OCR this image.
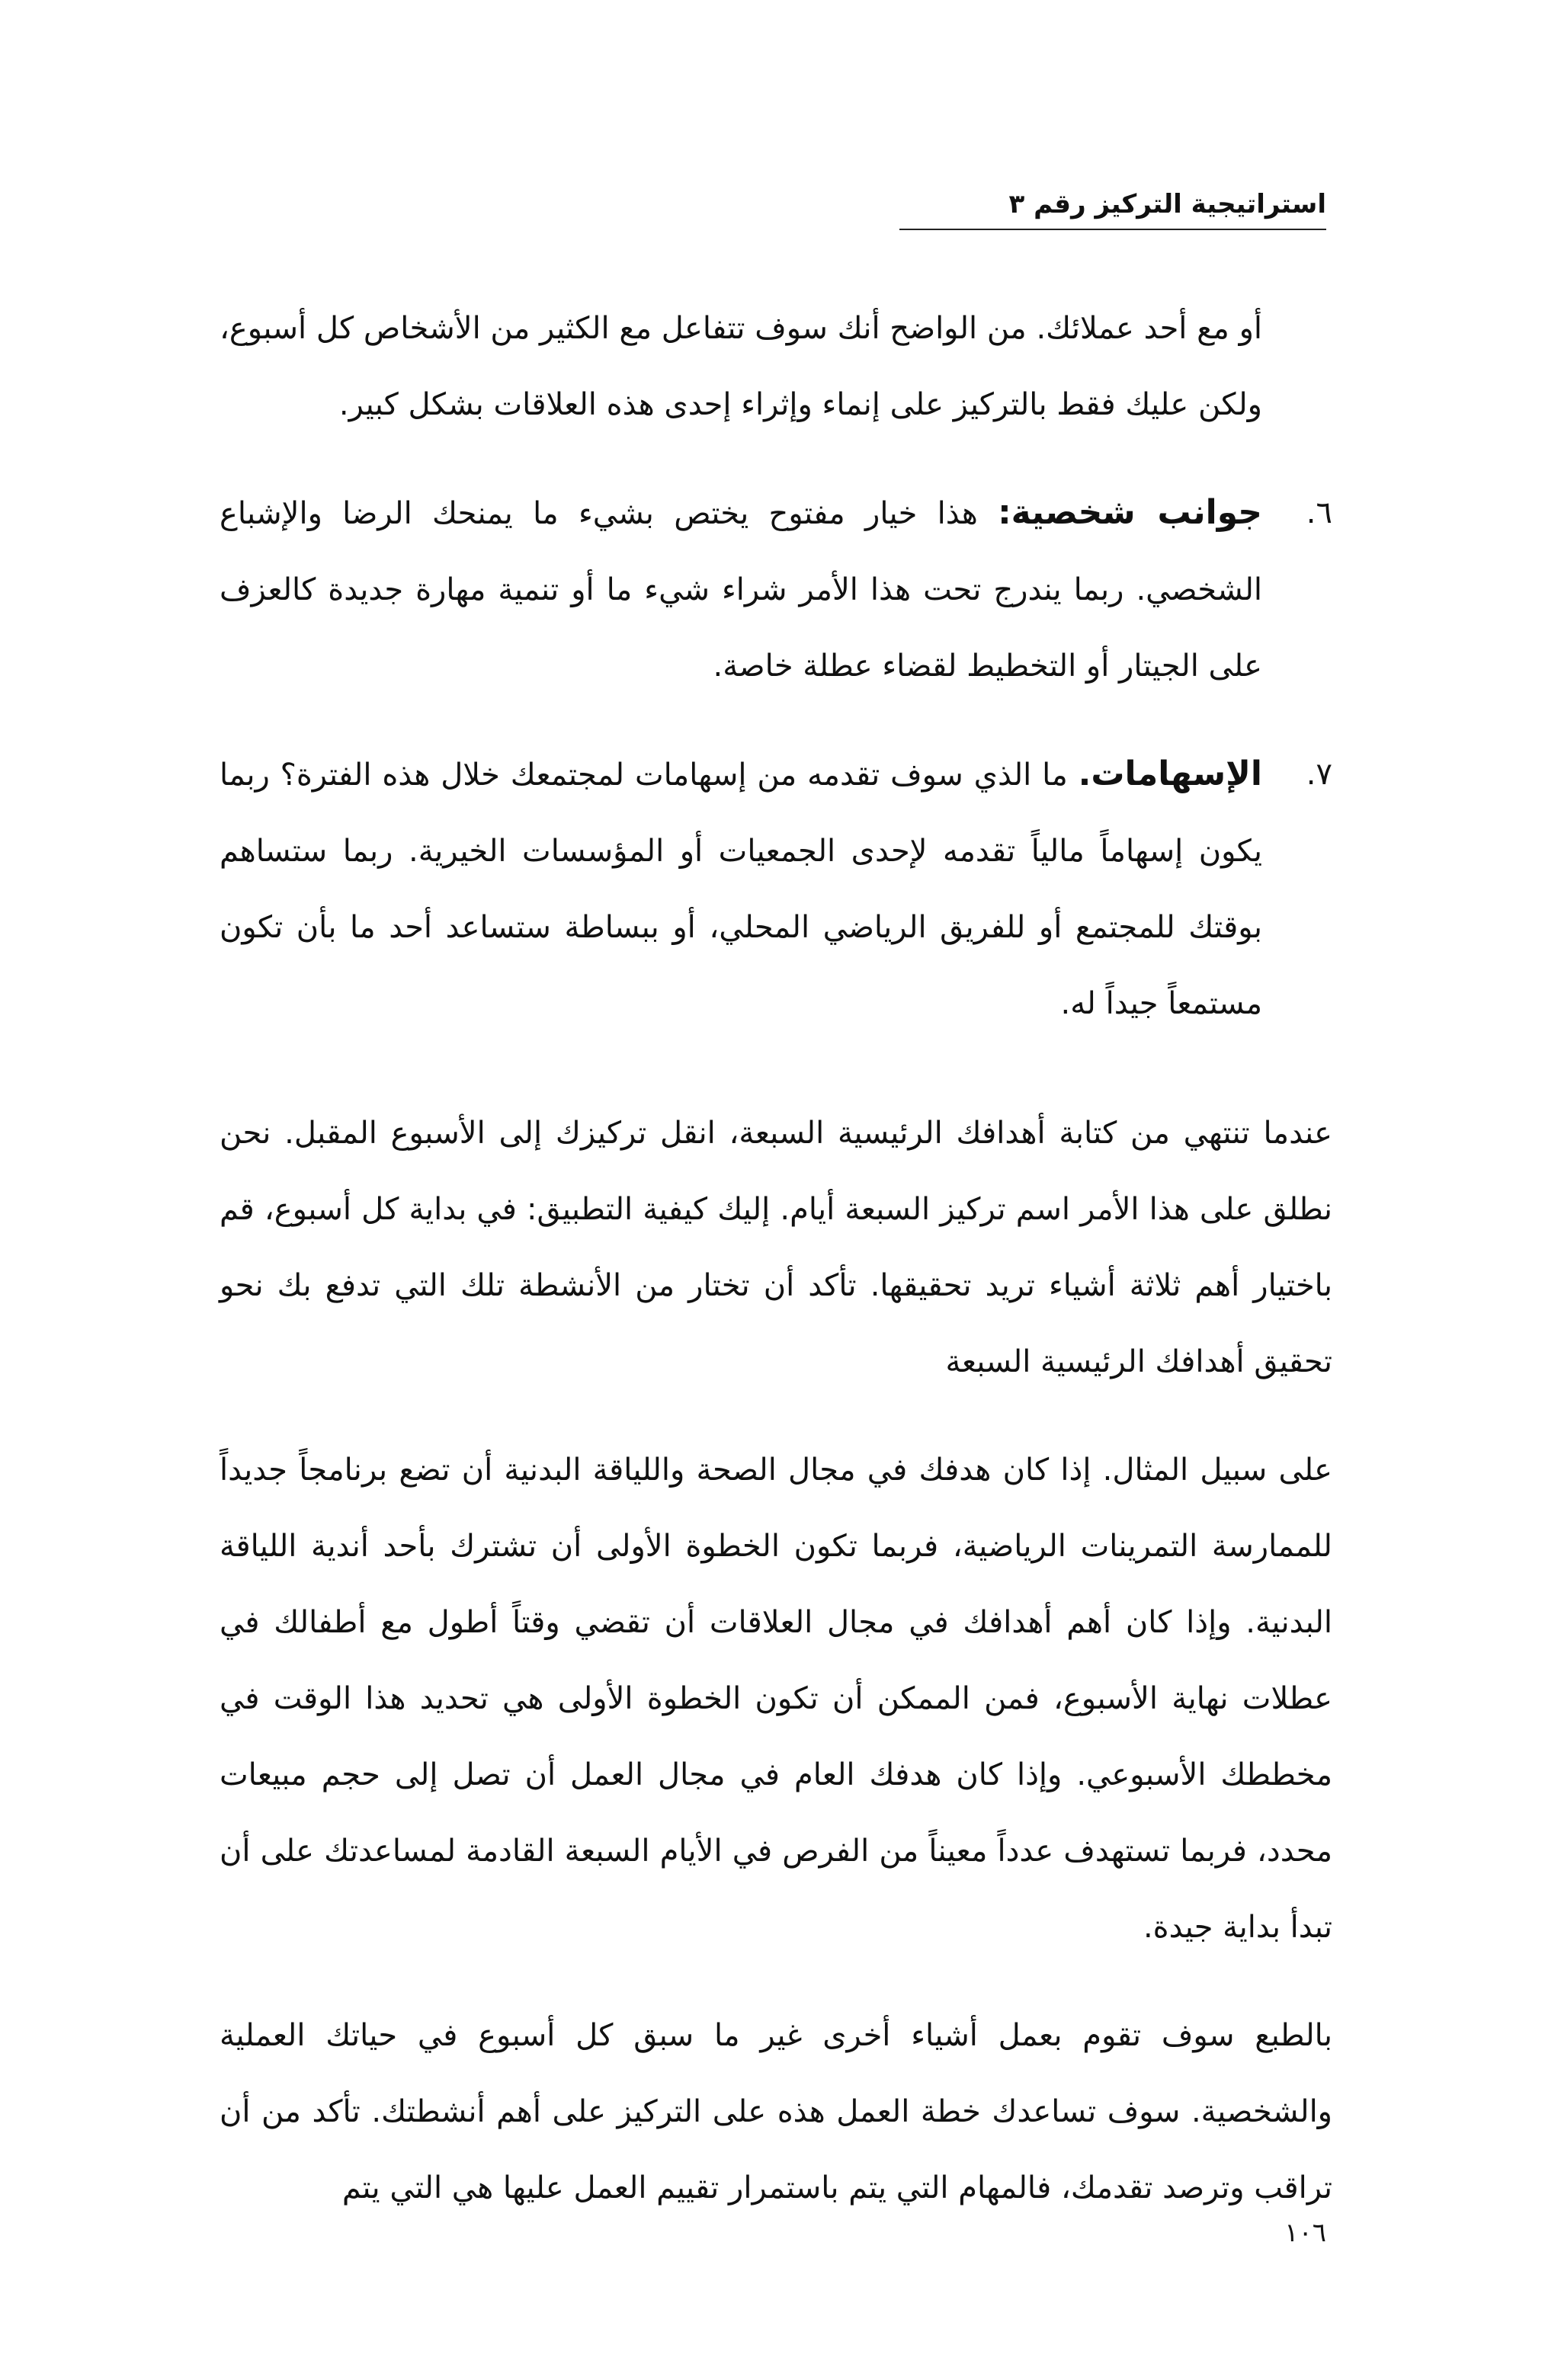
استراتيجية التركيز رقم ٣
أو مع أحد عملائك. من الواضح أنك سوف تتفاعل مع الكثير من الأشخاص كل أسبوع، ولكن عليك فقط بالتركيز على إنماء وإثراء إحدى هذه العلاقات بشكل كبير.
٦.
جوانب شخصية: هذا خيار مفتوح يختص بشيء ما يمنحك الرضا والإشباع الشخصي. ربما يندرج تحت هذا الأمر شراء شيء ما أو تنمية مهارة جديدة كالعزف على الجيتار أو التخطيط لقضاء عطلة خاصة.
٧.
الإسهامات. ما الذي سوف تقدمه من إسهامات لمجتمعك خلال هذه الفترة؟ ربما يكون إسهاماً مالياً تقدمه لإحدى الجمعيات أو المؤسسات الخيرية. ربما ستساهم بوقتك للمجتمع أو للفريق الرياضي المحلي، أو ببساطة ستساعد أحد ما بأن تكون مستمعاً جيداً له.

عندما تنتهي من كتابة أهدافك الرئيسية السبعة، انقل تركيزك إلى الأسبوع المقبل. نحن نطلق على هذا الأمر اسم تركيز السبعة أيام. إليك كيفية التطبيق: في بداية كل أسبوع، قم باختيار أهم ثلاثة أشياء تريد تحقيقها. تأكد أن تختار من الأنشطة تلك التي تدفع بك نحو تحقيق أهدافك الرئيسية السبعة

على سبيل المثال. إذا كان هدفك في مجال الصحة واللياقة البدنية أن تضع برنامجاً جديداً للممارسة التمرينات الرياضية، فربما تكون الخطوة الأولى أن تشترك بأحد أندية اللياقة البدنية. وإذا كان أهم أهدافك في مجال العلاقات أن تقضي وقتاً أطول مع أطفالك في عطلات نهاية الأسبوع، فمن الممكن أن تكون الخطوة الأولى هي تحديد هذا الوقت في مخططك الأسبوعي. وإذا كان هدفك العام في مجال العمل أن تصل إلى حجم مبيعات محدد، فربما تستهدف عدداً معيناً من الفرص في الأيام السبعة القادمة لمساعدتك على أن تبدأ بداية جيدة.

بالطبع سوف تقوم بعمل أشياء أخرى غير ما سبق كل أسبوع في حياتك العملية والشخصية. سوف تساعدك خطة العمل هذه على التركيز على أهم أنشطتك. تأكد من أن تراقب وترصد تقدمك، فالمهام التي يتم باستمرار تقييم العمل عليها هي التي يتم

١٠٦
